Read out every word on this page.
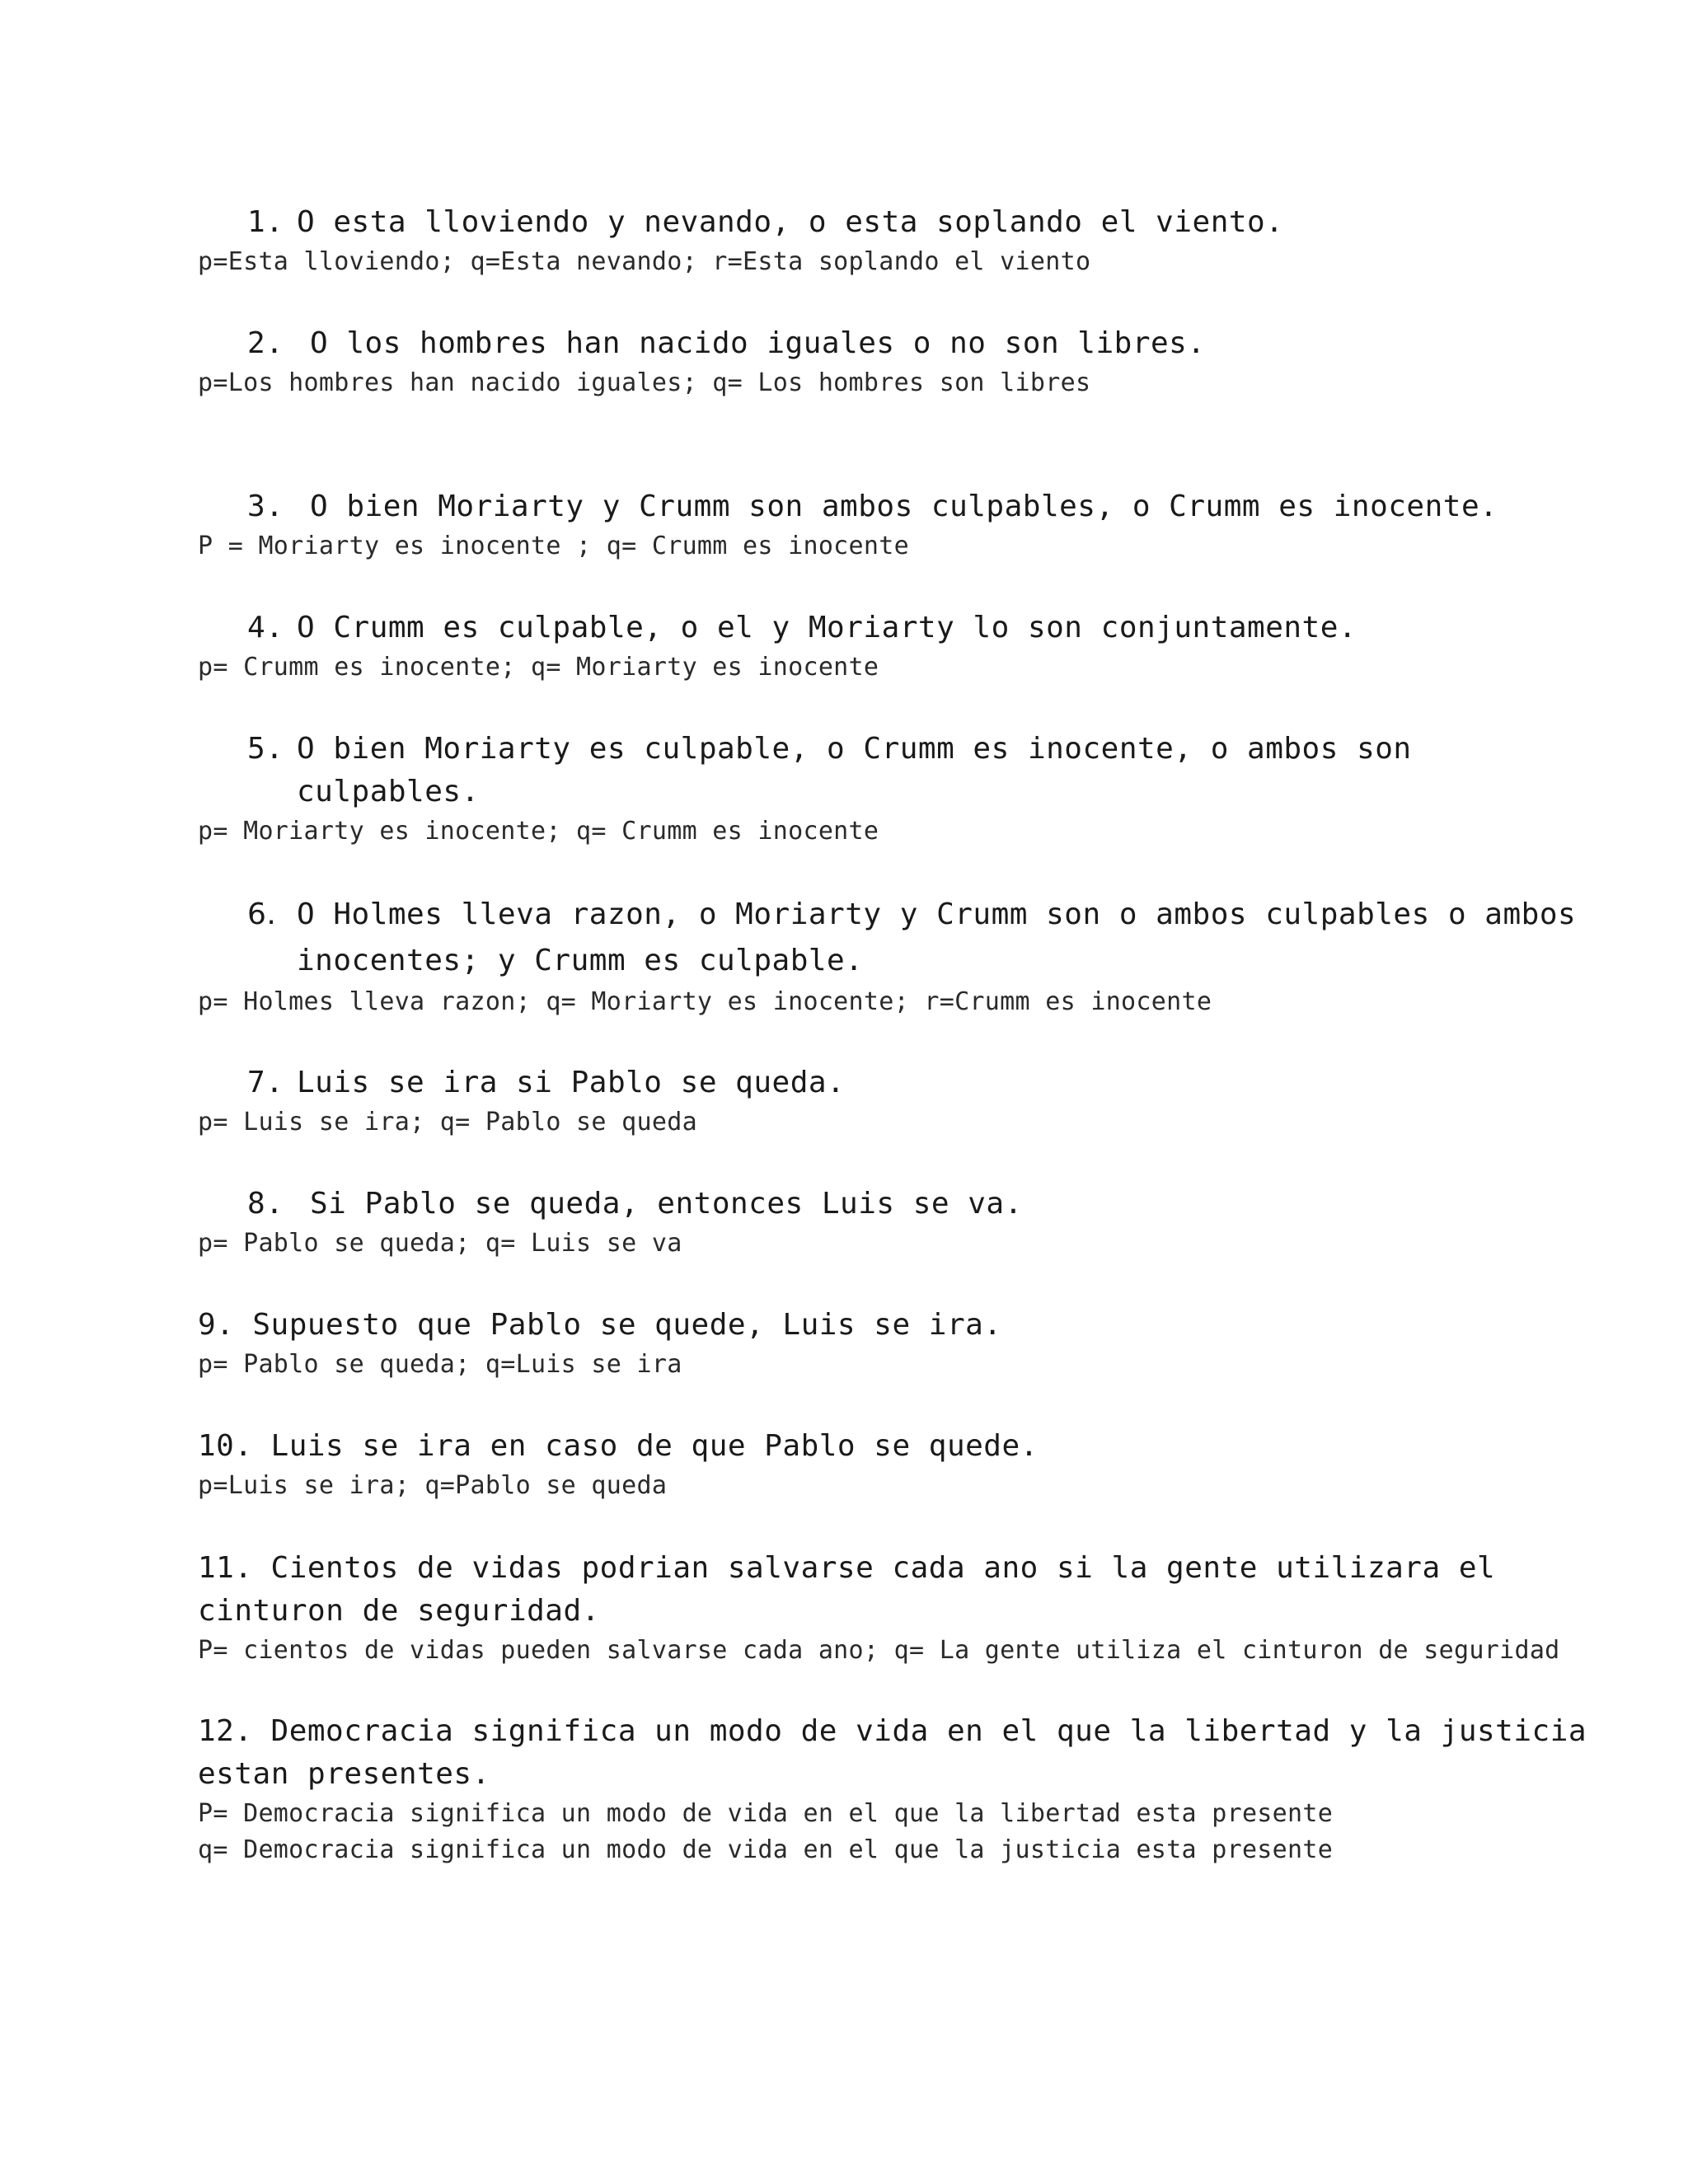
1. O esta lloviendo y nevando, o esta soplando el viento.
p=Esta lloviendo; q=Esta nevando; r=Esta soplando el viento
2. O los hombres han nacido iguales o no son libres.
p=Los hombres han nacido iguales; q= Los hombres son libres
3. O bien Moriarty y Crumm son ambos culpables, o Crumm es inocente.
P = Moriarty es inocente ; q= Crumm es inocente
4. O Crumm es culpable, o el y Moriarty lo son conjuntamente.
p= Crumm es inocente; q= Moriarty es inocente
5. O bien Moriarty es culpable, o Crumm es inocente, o ambos son
culpables.
p= Moriarty es inocente; q= Crumm es inocente
6. O Holmes lleva razon, o Moriarty y Crumm son o ambos culpables o ambos
inocentes; y Crumm es culpable.
p= Holmes lleva razon; q= Moriarty es inocente; r=Crumm es inocente
7. Luis se ira si Pablo se queda.
p= Luis se ira; q= Pablo se queda
8. Si Pablo se queda, entonces Luis se va.
p= Pablo se queda; q= Luis se va
9. Supuesto que Pablo se quede, Luis se ira.
p= Pablo se queda; q=Luis se ira
10. Luis se ira en caso de que Pablo se quede.
p=Luis se ira; q=Pablo se queda
11. Cientos de vidas podrian salvarse cada ano si la gente utilizara el
cinturon de seguridad.
P= cientos de vidas pueden salvarse cada ano; q= La gente utiliza el cinturon de seguridad
12. Democracia significa un modo de vida en el que la libertad y la justicia
estan presentes.
P= Democracia significa un modo de vida en el que la libertad esta presente
q= Democracia significa un modo de vida en el que la justicia esta presente
